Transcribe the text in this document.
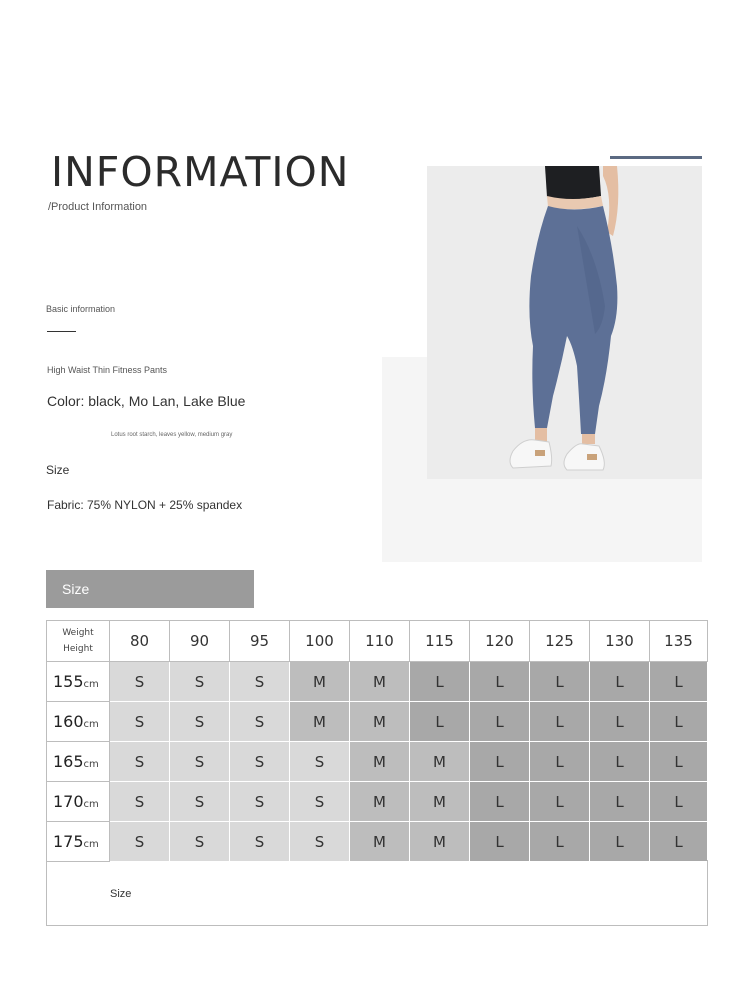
INFORMATION
/Product Information
Basic information
High Waist Thin Fitness Pants
Color: black, Mo Lan, Lake Blue
Lotus root starch, leaves yellow, medium gray
Size
Fabric: 75% NYLON + 25% spandex
Size
Weight
Height	80	90	95	100	110	115	120	125	130	135
155cm	S	S	S	M	M	L	L	L	L	L
160cm	S	S	S	M	M	L	L	L	L	L
165cm	S	S	S	S	M	M	L	L	L	L
170cm	S	S	S	S	M	M	L	L	L	L
175cm	S	S	S	S	M	M	L	L	L	L
Size
